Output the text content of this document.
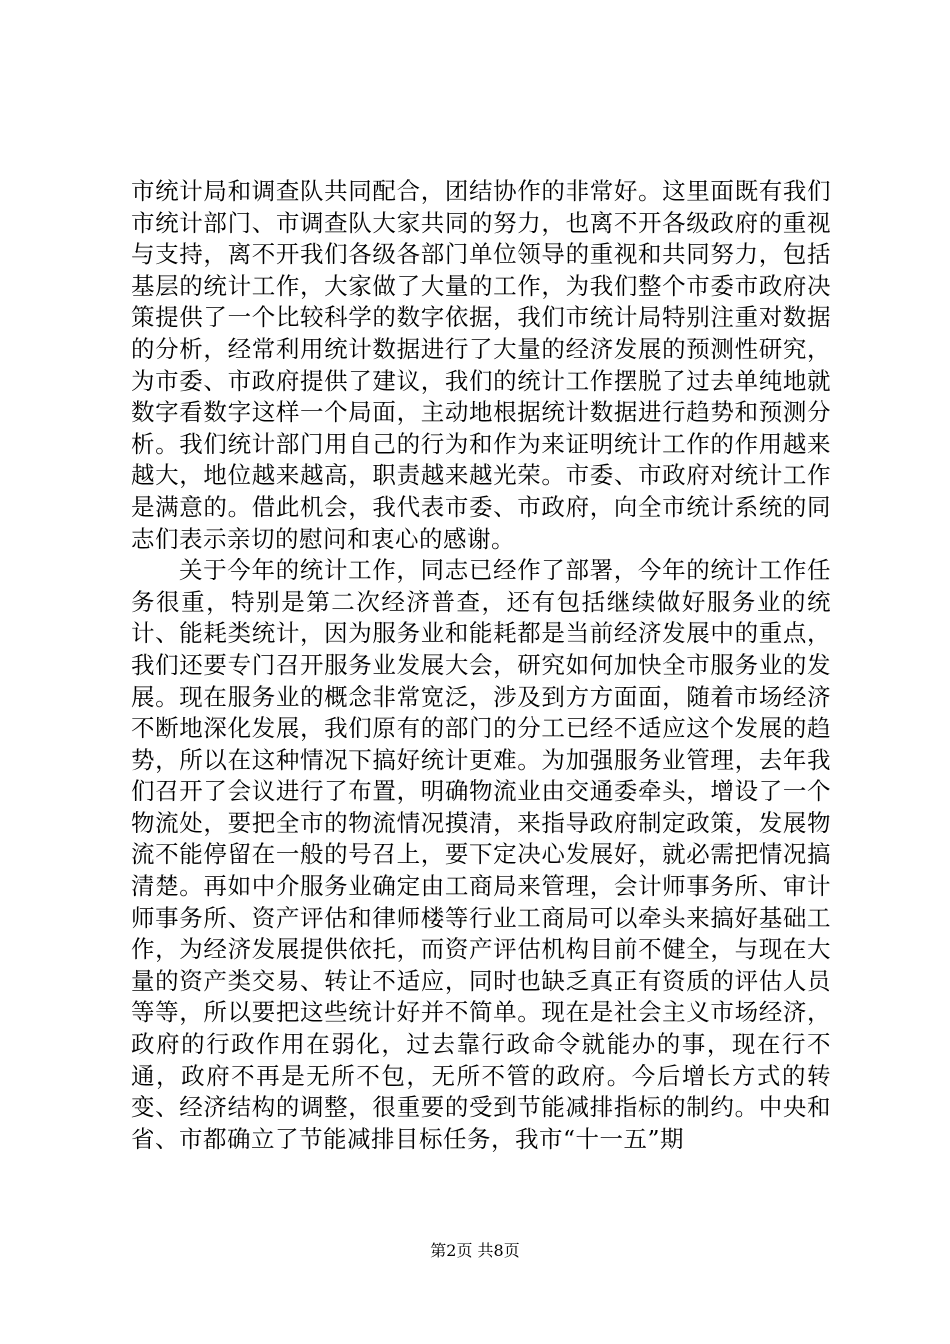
市统计局和调查队共同配合，团结协作的非常好。这里面既有我们市统计部门、市调查队大家共同的努力，也离不开各级政府的重视与支持，离不开我们各级各部门单位领导的重视和共同努力，包括基层的统计工作，大家做了大量的工作，为我们整个市委市政府决策提供了一个比较科学的数字依据，我们市统计局特别注重对数据的分析，经常利用统计数据进行了大量的经济发展的预测性研究，为市委、市政府提供了建议，我们的统计工作摆脱了过去单纯地就数字看数字这样一个局面，主动地根据统计数据进行趋势和预测分析。我们统计部门用自己的行为和作为来证明统计工作的作用越来越大，地位越来越高，职责越来越光荣。市委、市政府对统计工作是满意的。借此机会，我代表市委、市政府，向全市统计系统的同志们表示亲切的慰问和衷心的感谢。

关于今年的统计工作，同志已经作了部署，今年的统计工作任务很重，特别是第二次经济普查，还有包括继续做好服务业的统计、能耗类统计，因为服务业和能耗都是当前经济发展中的重点，我们还要专门召开服务业发展大会，研究如何加快全市服务业的发展。现在服务业的概念非常宽泛，涉及到方方面面，随着市场经济不断地深化发展，我们原有的部门的分工已经不适应这个发展的趋势，所以在这种情况下搞好统计更难。为加强服务业管理，去年我们召开了会议进行了布置，明确物流业由交通委牵头，增设了一个物流处，要把全市的物流情况摸清，来指导政府制定政策，发展物流不能停留在一般的号召上，要下定决心发展好，就必需把情况搞清楚。再如中介服务业确定由工商局来管理，会计师事务所、审计师事务所、资产评估和律师楼等行业工商局可以牵头来搞好基础工作，为经济发展提供依托，而资产评估机构目前不健全，与现在大量的资产类交易、转让不适应，同时也缺乏真正有资质的评估人员等等，所以要把这些统计好并不简单。现在是社会主义市场经济，政府的行政作用在弱化，过去靠行政命令就能办的事，现在行不通，政府不再是无所不包，无所不管的政府。今后增长方式的转变、经济结构的调整，很重要的受到节能减排指标的制约。中央和省、市都确立了节能减排目标任务，我市“十一五”期

第2页 共8页
